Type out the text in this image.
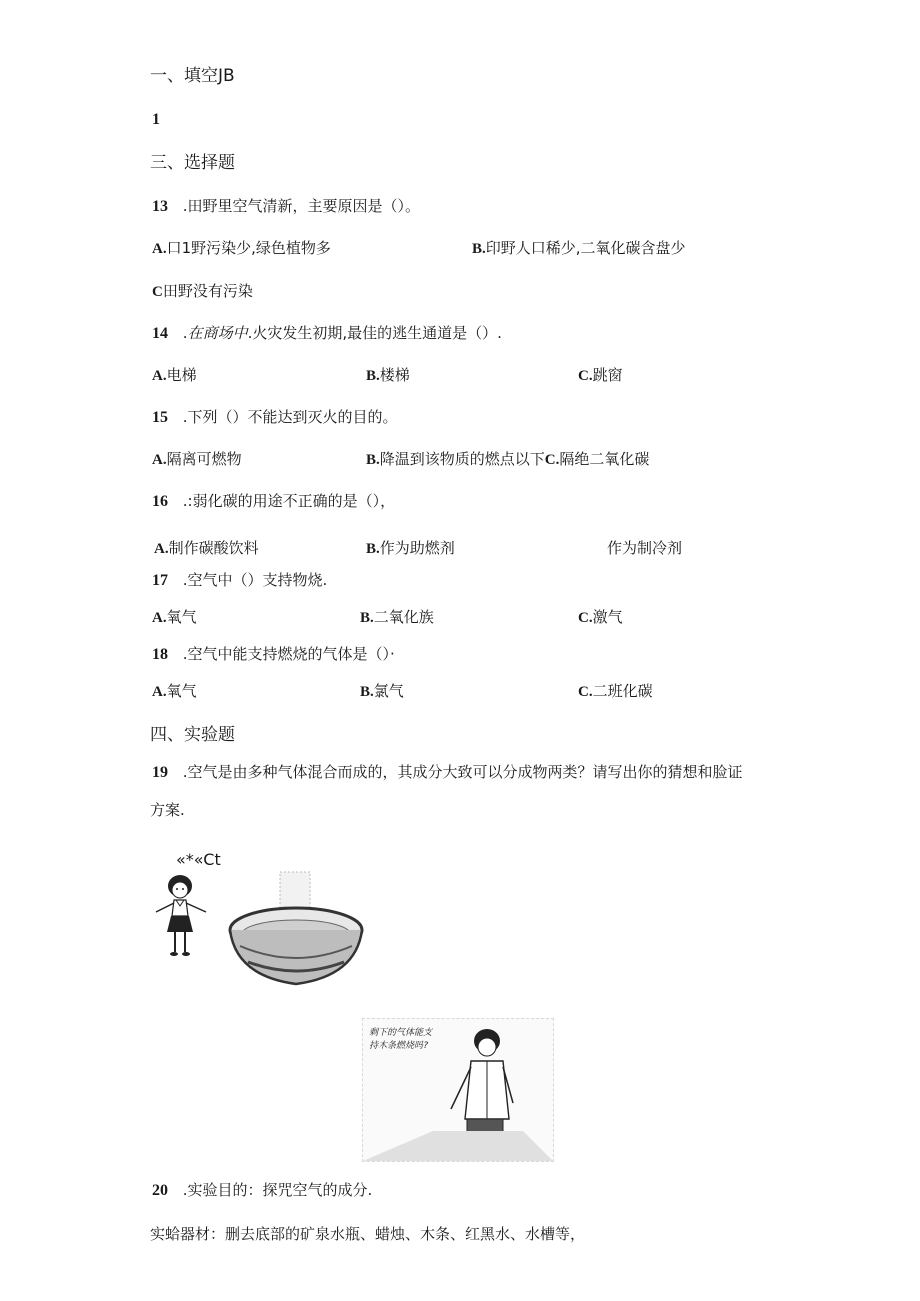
一、填空JB
1
三、选择题
13 .田野里空气清新，主要原因是（）。
A.口1野污染少,绿色植物多	B.印野人口稀少,二氧化碳含盘少
C田野没有污染
14 .在商场中.火灾发生初期,最佳的逃生通道是（）.
A.电梯	B.楼梯	C.跳窗
15 .下列（）不能达到灭火的目的。
A.隔离可燃物	B.降温到该物质的燃点以下C.隔绝二氧化碳
16 .:弱化碳的用途不正确的是（），
A.制作碳酸饮料	B.作为助燃剂	作为制冷剂
17 .空气中（）支持物烧.
A.氧气	B.二氧化族	C.激气
18 .空气中能支持燃烧的气体是（）·
A.氧气	B.氯气	C.二班化碳
四、实验题
19 .空气是由多种气体混合而成的，其成分大致可以分成物两类？请写出你的猜想和脸证
方案.
«*«Ct
剩下的气体能支
持木条燃烧吗?
20 .实验目的：探咒空气的成分.
实蛤器材：删去底部的矿泉水瓶、蜡烛、木条、红黑水、水槽等，
